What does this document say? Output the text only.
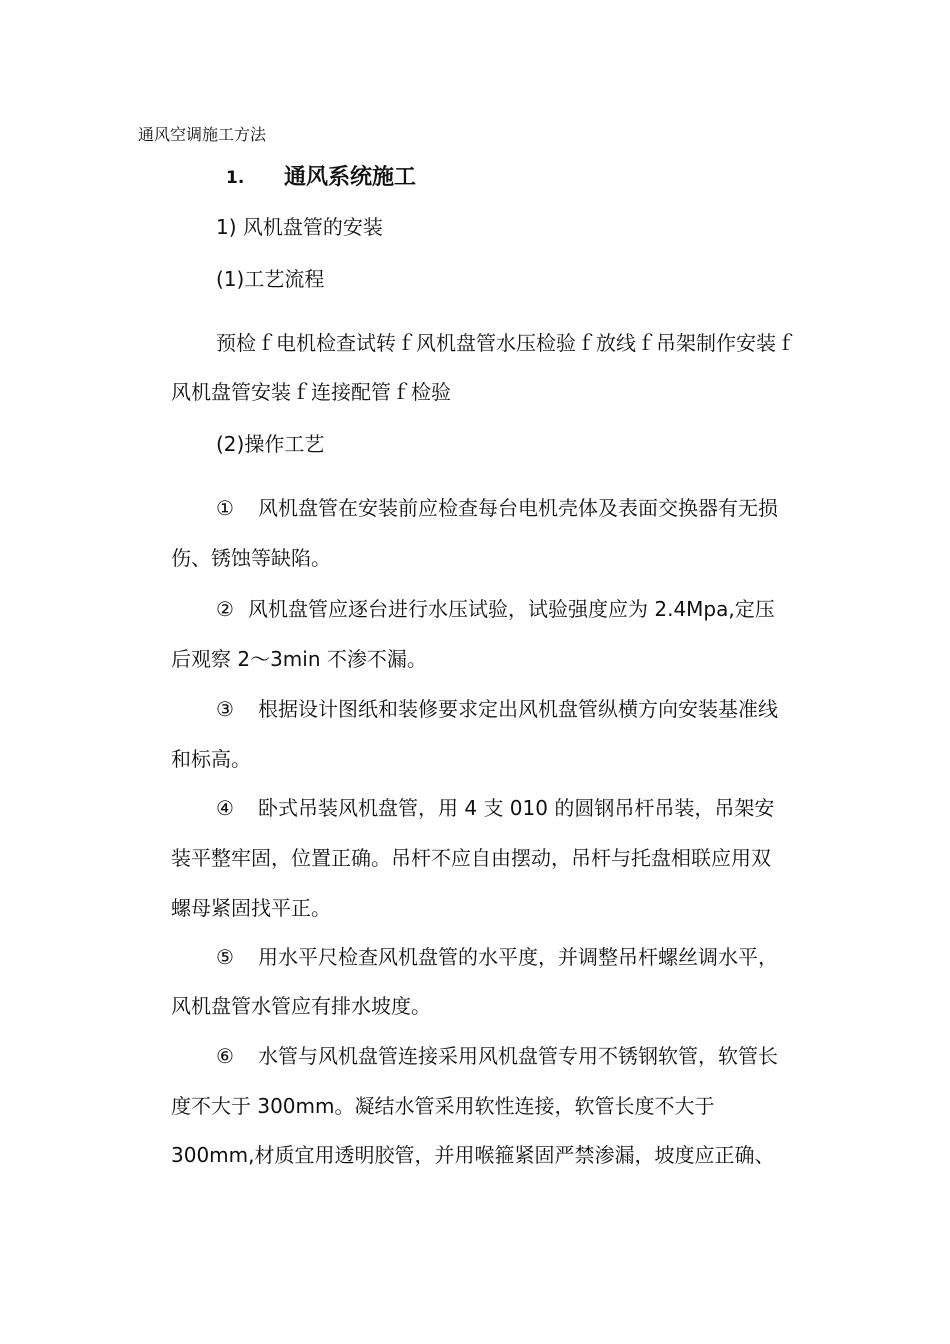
通风空调施工方法
1. 通风系统施工
1) 风机盘管的安装
(1)工艺流程
预检ｆ电机检查试转ｆ风机盘管水压检验ｆ放线ｆ吊架制作安装ｆ
风机盘管安装ｆ连接配管ｆ检验
(2)操作工艺
① 风机盘管在安装前应检查每台电机壳体及表面交换器有无损
伤、锈蚀等缺陷。
② 风机盘管应逐台进行水压试验，试验强度应为 2.4Mpa,定压
后观察 2～3min 不渗不漏。
③ 根据设计图纸和装修要求定出风机盘管纵横方向安装基准线
和标高。
④ 卧式吊装风机盘管，用 4 支 010 的圆钢吊杆吊装，吊架安
装平整牢固，位置正确。吊杆不应自由摆动，吊杆与托盘相联应用双
螺母紧固找平正。
⑤ 用水平尺检查风机盘管的水平度，并调整吊杆螺丝调水平，
风机盘管水管应有排水坡度。
⑥ 水管与风机盘管连接采用风机盘管专用不锈钢软管，软管长
度不大于 300mm。凝结水管采用软性连接，软管长度不大于
300mm,材质宜用透明胶管，并用喉箍紧固严禁渗漏，坡度应正确、
